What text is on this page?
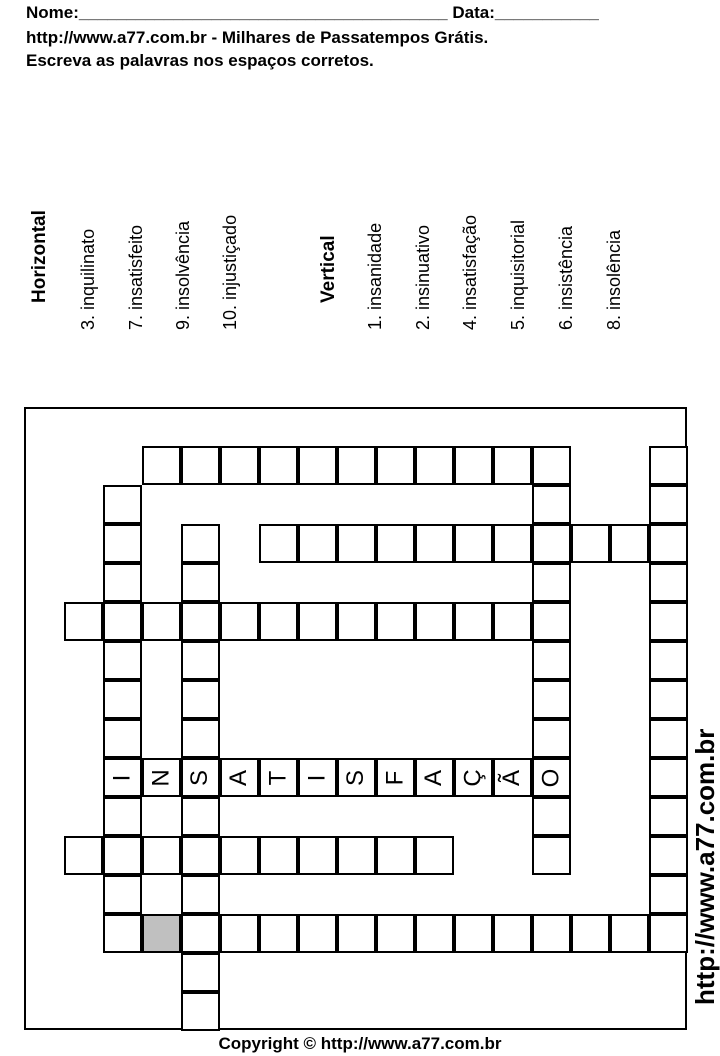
Nome:_______________________________________ Data:___________
http://www.a77.com.br - Milhares de Passatempos Grátis.
Escreva as palavras nos espaços corretos.
Horizontal 3. inquilinato 7. insatisfeito 9. insolvência 10. injustiçado	Vertical 1. insanidade 2. insinuativo 4. insatisfação 5. inquisitorial 6. insistência 8. insolência
I N S A T I S F A Ç Ã O	http://www.a77.com.br
Copyright © http://www.a77.com.br
